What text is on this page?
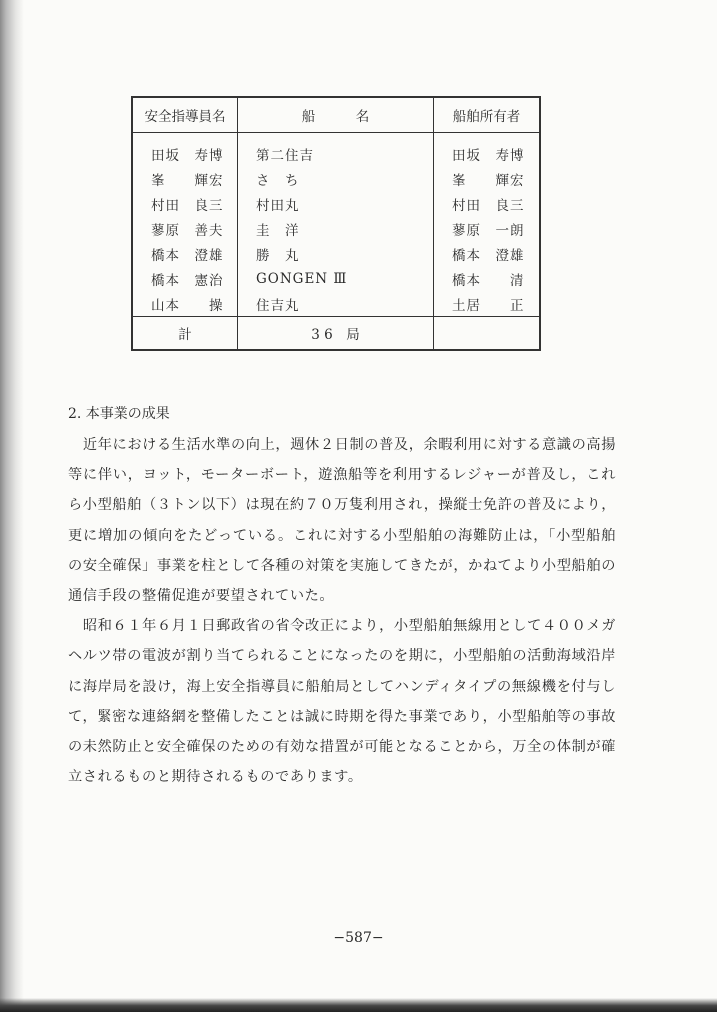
安全指導員名	船　　　名	船舶所有者
田坂　寿博	第二住吉	田坂　寿博
峯　　輝宏	さ　ち	峯　　輝宏
村田　良三	村田丸	村田　良三
蓼原　善夫	圭　洋	蓼原　一朗
橋本　澄雄	勝　丸	橋本　澄雄
橋本　憲治	GONGEN Ⅲ	橋本　　清
山本　　操	住吉丸	土居　　正
計	3 6　局	
2. 本事業の成果

近年における生活水準の向上，週休２日制の普及，余暇利用に対する意識の高揚等に伴い，ヨット，モーターボート，遊漁船等を利用するレジャーが普及し，これら小型船舶（３トン以下）は現在約７０万隻利用され，操縦士免許の普及により，更に増加の傾向をたどっている。これに対する小型船舶の海難防止は，「小型船舶の安全確保」事業を柱として各種の対策を実施してきたが，かねてより小型船舶の通信手段の整備促進が要望されていた。

昭和６１年６月１日郵政省の省令改正により，小型船舶無線用として４００メガヘルツ帯の電波が割り当てられることになったのを期に，小型船舶の活動海域沿岸に海岸局を設け，海上安全指導員に船舶局としてハンディタイプの無線機を付与して，緊密な連絡網を整備したことは誠に時期を得た事業であり，小型船舶等の事故の未然防止と安全確保のための有効な措置が可能となることから，万全の体制が確立されるものと期待されるものであります。

−587−
